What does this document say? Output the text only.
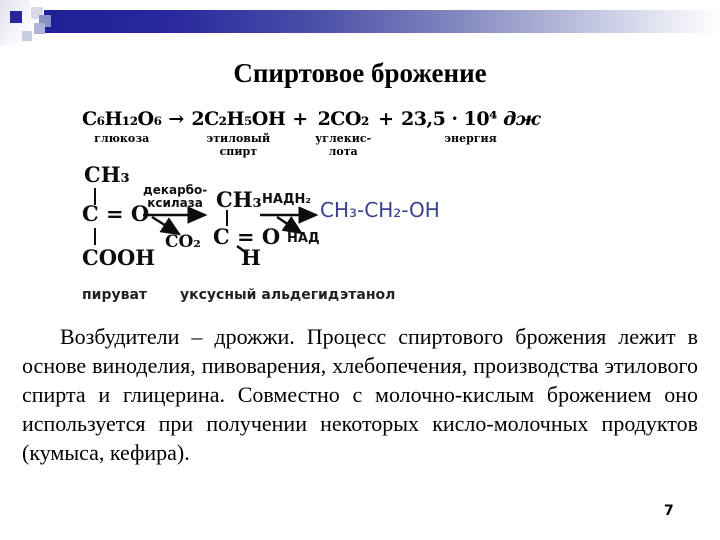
Спиртовое брожение
C₆H₁₂O₆
глюкоза
→ 2C₂H₅OH
этиловый
спирт
+ 2CO₂
углекис-
лота
+ 23,5 · 10⁴ дж
энергия
CH₃
C = O
COOH
декарбо-
ксилаза
CO₂
CH₃
C = O
H
НАДН₂
НАД
CH₃-CH₂-OH
пируват уксусный альдегид этанол
Возбудители – дрожжи. Процесс спиртового брожения лежит в основе виноделия, пивоварения, хлебопечения, производства этилового спирта и глицерина. Совместно с молочно-кислым брожением оно используется при получении некоторых кисло-молочных продуктов (кумыса, кефира).
7
